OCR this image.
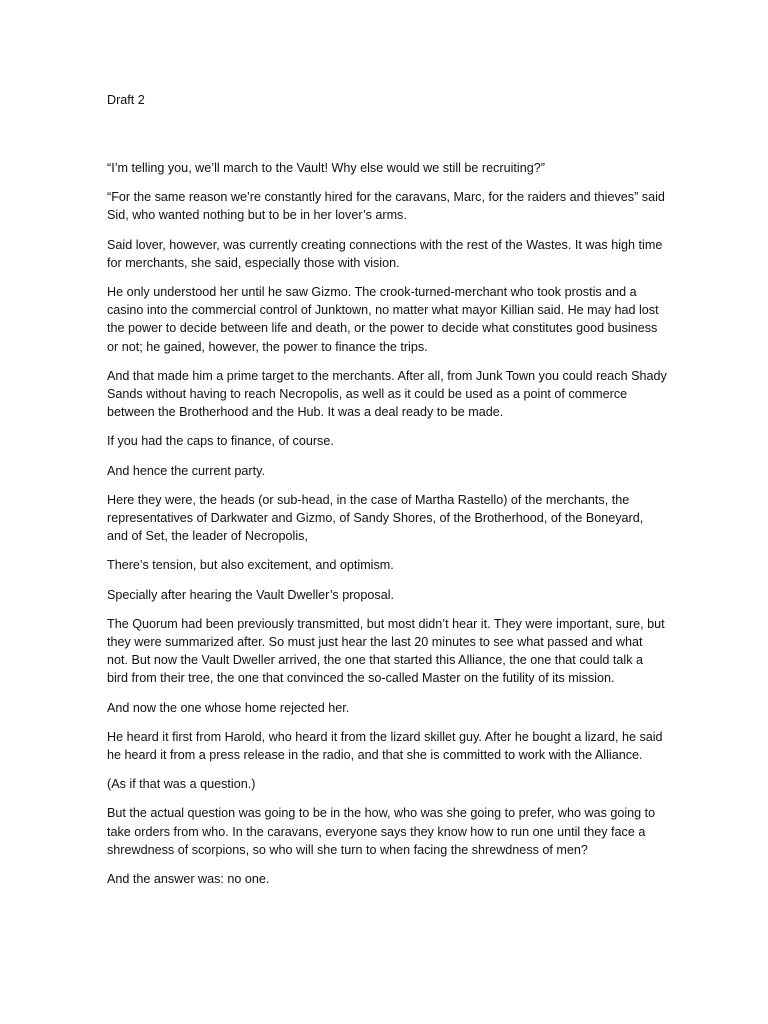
Draft 2

“I’m telling you, we’ll march to the Vault! Why else would we still be recruiting?”

“For the same reason we’re constantly hired for the caravans, Marc, for the raiders and thieves” said Sid, who wanted nothing but to be in her lover’s arms.

Said lover, however, was currently creating connections with the rest of the Wastes. It was high time for merchants, she said, especially those with vision.

He only understood her until he saw Gizmo. The crook-turned-merchant who took prostis and a casino into the commercial control of Junktown, no matter what mayor Killian said. He may had lost the power to decide between life and death, or the power to decide what constitutes good business or not; he gained, however, the power to finance the trips.

And that made him a prime target to the merchants. After all, from Junk Town you could reach Shady Sands without having to reach Necropolis, as well as it could be used as a point of commerce between the Brotherhood and the Hub. It was a deal ready to be made.

If you had the caps to finance, of course.

And hence the current party.

Here they were, the heads (or sub-head, in the case of Martha Rastello) of the merchants, the representatives of Darkwater and Gizmo, of Sandy Shores, of the Brotherhood, of the Boneyard, and of Set, the leader of Necropolis,

There’s tension, but also excitement, and optimism.

Specially after hearing the Vault Dweller’s proposal.

The Quorum had been previously transmitted, but most didn’t hear it. They were important, sure, but they were summarized after. So must just hear the last 20 minutes to see what passed and what not. But now the Vault Dweller arrived, the one that started this Alliance, the one that could talk a bird from their tree, the one that convinced the so-called Master on the futility of its mission.

And now the one whose home rejected her.

He heard it first from Harold, who heard it from the lizard skillet guy. After he bought a lizard, he said he heard it from a press release in the radio, and that she is committed to work with the Alliance.

(As if that was a question.)

But the actual question was going to be in the how, who was she going to prefer, who was going to take orders from who. In the caravans, everyone says they know how to run one until they face a shrewdness of scorpions, so who will she turn to when facing the shrewdness of men?

And the answer was: no one.
